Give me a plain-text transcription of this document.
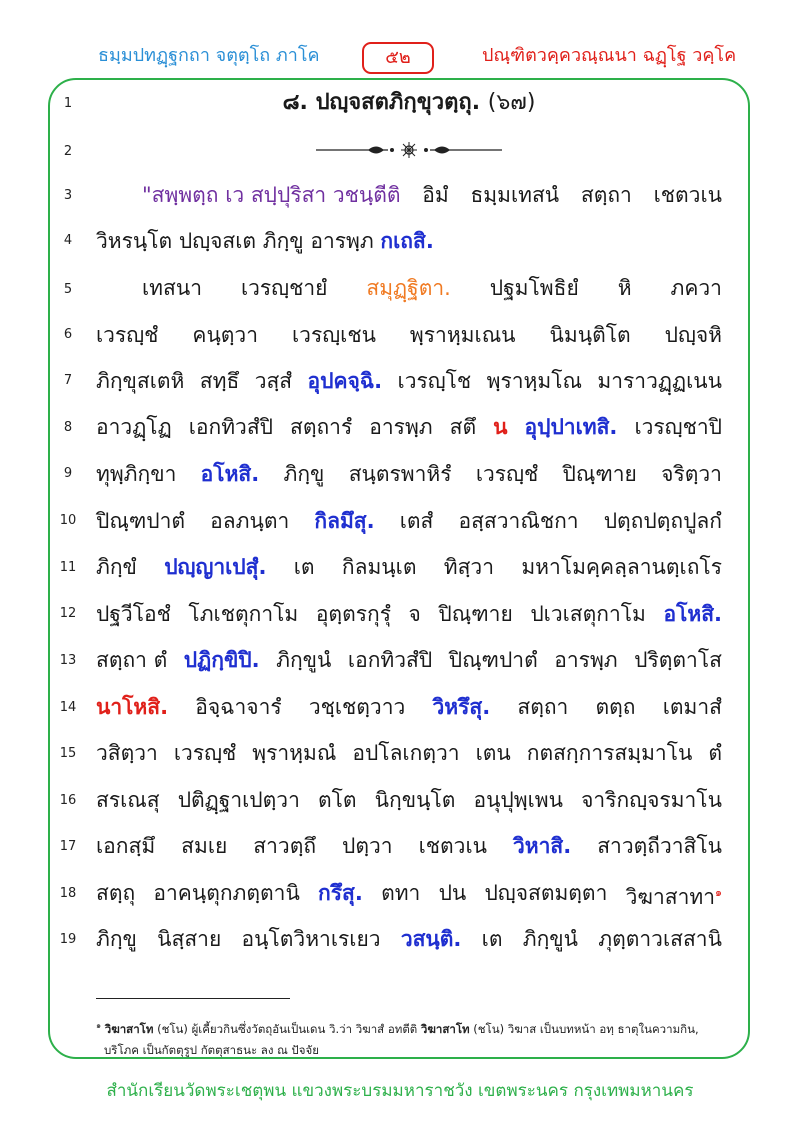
ธมฺมปทฏฺฐกถา จตุตฺโถ ภาโค	๕๒	ปณฺฑิตวคฺควณฺณนา ฉฏฺโฐ วคฺโค
1
2
3
4
5
6
7
8
9
10
11
12
13
14
15
16
17
18
19
๘. ปญฺจสตภิกฺขุวตฺถุ. (๖๗)
"สพฺพตฺถ เว สปฺปุริสา วชนฺตีติ อิมํ ธมฺมเทสนํ สตฺถา เชตวเน
วิหรนฺโต ปญฺจสเต ภิกฺขู อารพฺภ กเถสิ.
เทสนา เวรญฺชายํ สมุฏฺฐิตา. ปฐมโพธิยํ หิ ภควา
เวรญฺชํ คนฺตฺวา เวรญฺเชน พฺราหฺมเณน นิมนฺติโต ปญฺจหิ
ภิกฺขุสเตหิ สทฺธึ วสฺสํ อุปคจฺฉิ. เวรญฺโช พฺราหฺมโณ มาราวฏฺฏเนน
อาวฏฺโฏ เอกทิวสํปิ สตฺถารํ อารพฺภ สตึ น อุปฺปาเทสิ. เวรญฺชาปิ
ทุพฺภิกฺขา อโหสิ. ภิกฺขู สนฺตรพาหิรํ เวรญฺชํ ปิณฺฑาย จริตฺวา
ปิณฺฑปาตํ อลภนฺตา กิลมึสุ. เตสํ อสฺสวาณิชกา ปตฺถปตฺถปูลกํ
ภิกฺขํ ปญฺญาเปสุํ. เต กิลมนฺเต ทิสฺวา มหาโมคฺคลฺลานตฺเถโร
ปฐวีโอชํ โภเชตุกาโม อุตฺตรกุรุํ จ ปิณฺฑาย ปเวเสตุกาโม อโหสิ.
สตฺถา ตํ ปฏิกฺขิปิ. ภิกฺขูนํ เอกทิวสํปิ ปิณฺฑปาตํ อารพฺภ ปริตฺตาโส
นาโหสิ. อิจฺฉาจารํ วชฺเชตฺวาว วิหรึสุ. สตฺถา ตตฺถ เตมาสํ
วสิตฺวา เวรญฺชํ พฺราหฺมณํ อปโลเกตฺวา เตน กตสกฺการสมฺมาโน ตํ
สรเณสุ ปติฏฺฐาเปตฺวา ตโต นิกฺขนฺโต อนุปุพฺเพน จาริกญฺจรมาโน
เอกสฺมึ สมเย สาวตฺถึ ปตฺวา เชตวเน วิหาสิ. สาวตฺถีวาสิโน
สตฺถุ อาคนฺตุกภตฺตานิ กรึสุ. ตทา ปน ปญฺจสตมตฺตา วิฆาสาทา$^๑$
ภิกฺขู นิสฺสาย อนฺโตวิหาเรเยว วสนฺติ. เต ภิกฺขูนํ ภุตฺตาวเสสานิ
$^๑$ วิฆาสาโท (ชโน) ผู้เคี้ยวกินซึ่งวัตถุอันเป็นเดน วิ.ว่า วิฆาสํ อทตีติ วิฆาสาโท (ชโน) วิฆาส เป็นบทหน้า อทฺ ธาตุในความกิน,
บริโภค เป็นกัตตุรูป กัตตุสาธนะ ลง ณ ปัจจัย
สำนักเรียนวัดพระเชตุพน แขวงพระบรมมหาราชวัง เขตพระนคร กรุงเทพมหานคร
